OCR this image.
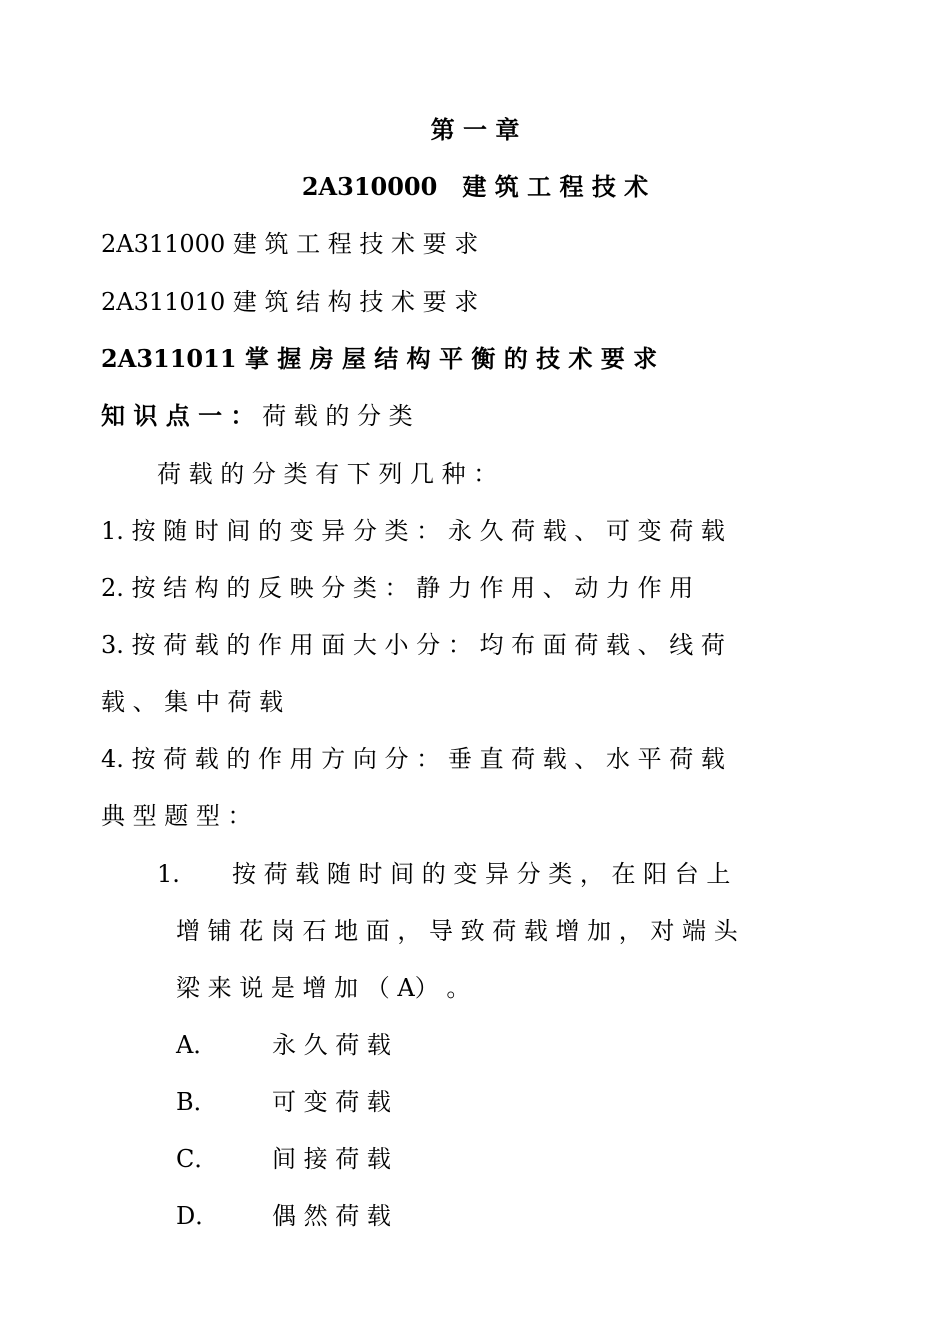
第 一 章
2A310000 建 筑 工 程 技 术
2A311000 建 筑 工 程 技 术 要 求
2A311010 建 筑 结 构 技 术 要 求
2A311011 掌 握 房 屋 结 构 平 衡 的 技 术 要 求
知 识 点 一 ： 荷 载 的 分 类
荷 载 的 分 类 有 下 列 几 种 ：
1. 按 随 时 间 的 变 异 分 类 ： 永 久 荷 载 、 可 变 荷 载
2. 按 结 构 的 反 映 分 类 ： 静 力 作 用 、 动 力 作 用
3. 按 荷 载 的 作 用 面 大 小 分 ： 均 布 面 荷 载 、 线 荷
载 、 集 中 荷 载
4. 按 荷 载 的 作 用 方 向 分 ： 垂 直 荷 载 、 水 平 荷 载
典 型 题 型 ：
1. 按 荷 载 随 时 间 的 变 异 分 类 ， 在 阳 台 上
增 铺 花 岗 石 地 面 ， 导 致 荷 载 增 加 ， 对 端 头
梁 来 说 是 增 加 （ A） 。
A． 永 久 荷 载
B． 可 变 荷 载
C． 间 接 荷 载
D． 偶 然 荷 载
